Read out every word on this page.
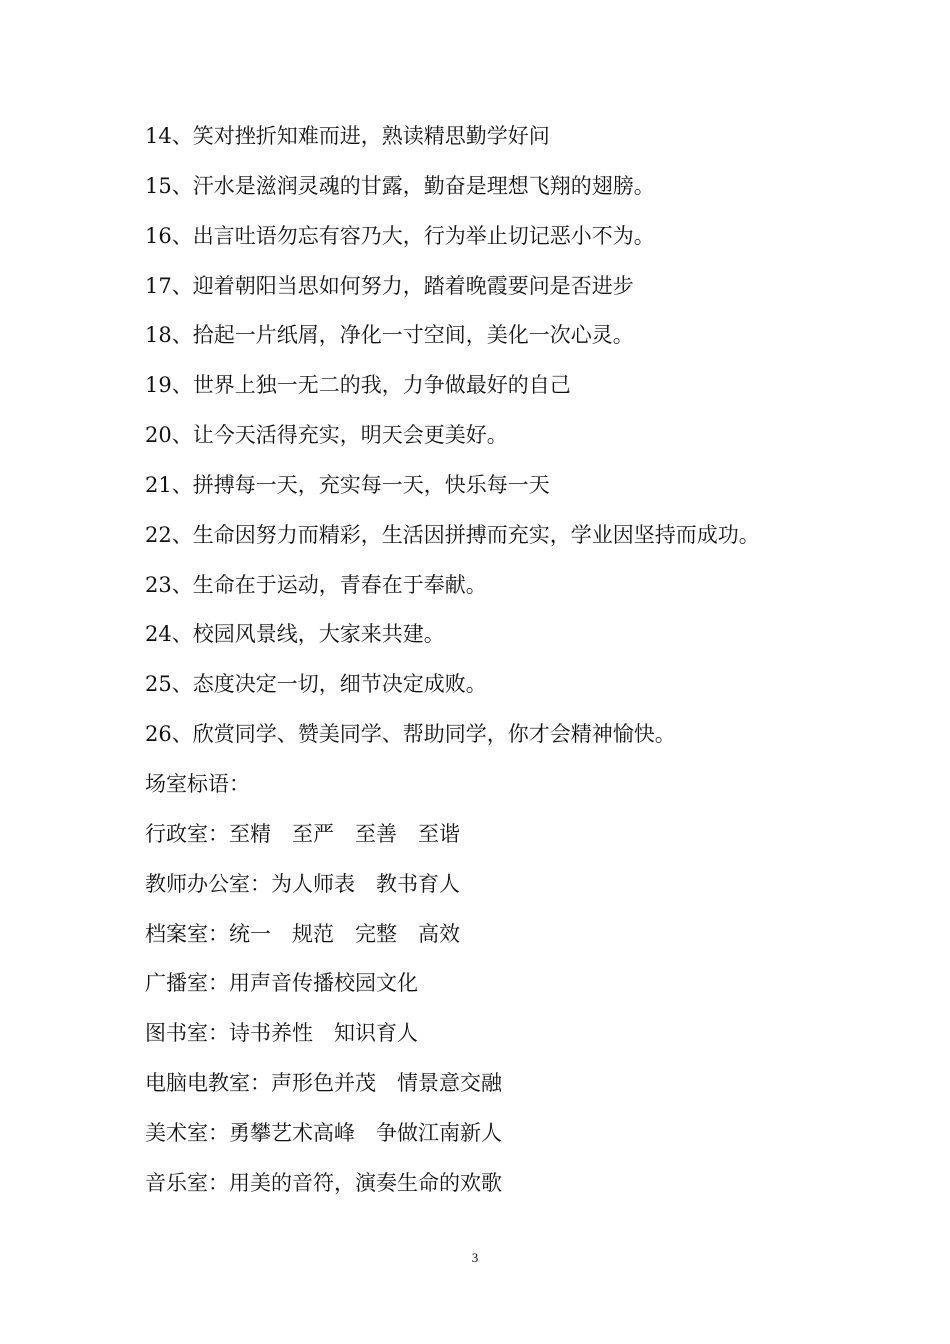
14、笑对挫折知难而进，熟读精思勤学好问
15、汗水是滋润灵魂的甘露，勤奋是理想飞翔的翅膀。
16、出言吐语勿忘有容乃大，行为举止切记恶小不为。
17、迎着朝阳当思如何努力，踏着晚霞要问是否进步
18、拾起一片纸屑，净化一寸空间，美化一次心灵。
19、世界上独一无二的我，力争做最好的自己
20、让今天活得充实，明天会更美好。
21、拼搏每一天，充实每一天，快乐每一天
22、生命因努力而精彩，生活因拼搏而充实，学业因坚持而成功。
23、生命在于运动，青春在于奉献。
24、校园风景线，大家来共建。
25、态度决定一切，细节决定成败。
26、欣赏同学、赞美同学、帮助同学，你才会精神愉快。
场室标语：
行政室：至精　至严　至善　至谐
教师办公室：为人师表　教书育人
档案室：统一　规范　完整　高效
广播室：用声音传播校园文化
图书室：诗书养性　知识育人
电脑电教室：声形色并茂　情景意交融
美术室：勇攀艺术高峰　争做江南新人
音乐室：用美的音符，演奏生命的欢歌
3
